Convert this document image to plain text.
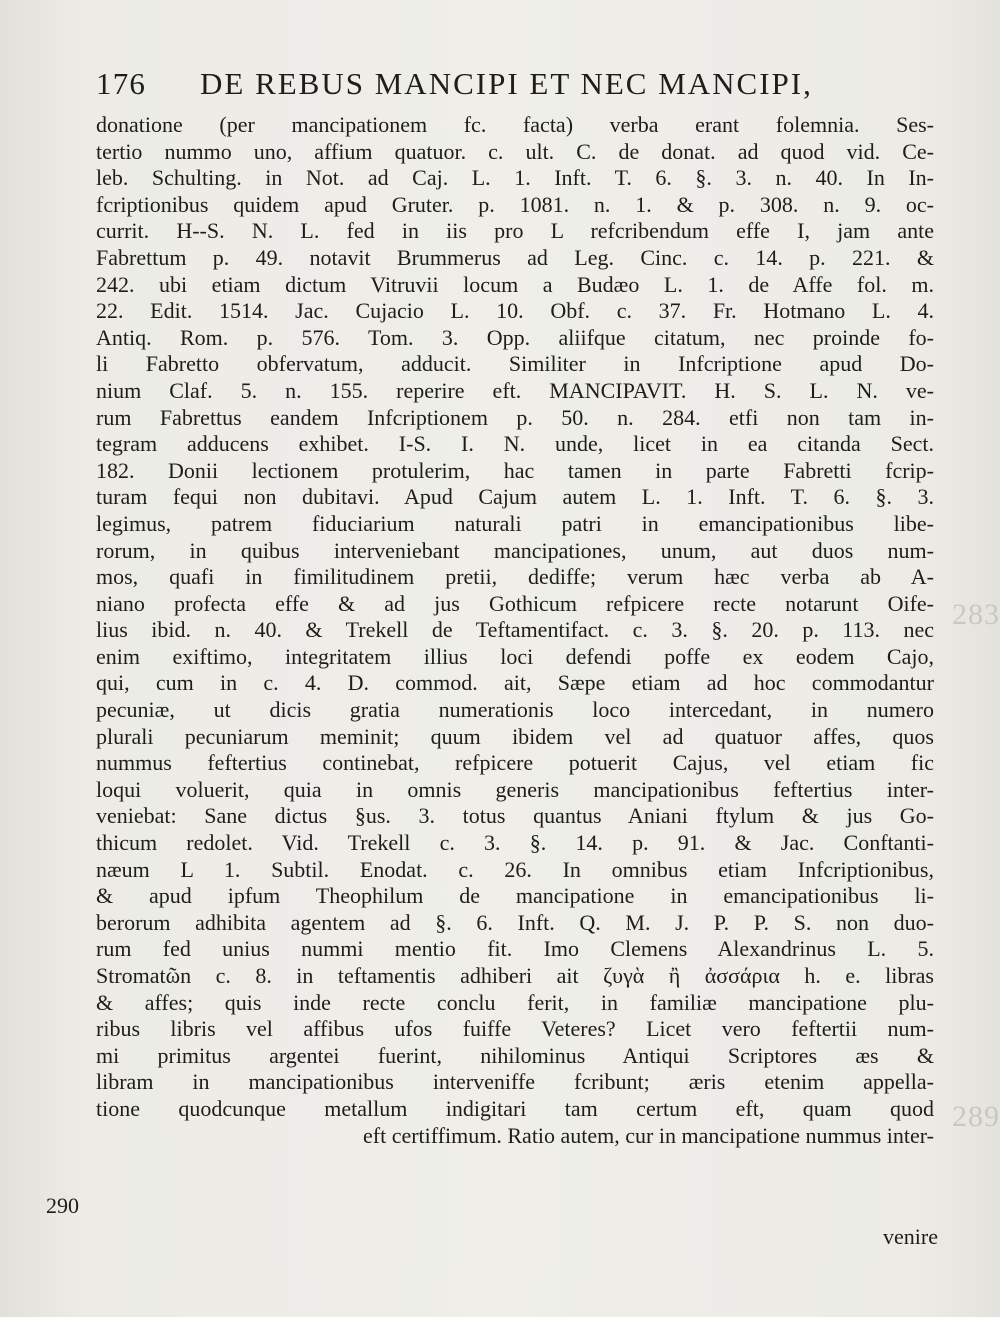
176 DE REBUS MANCIPI ET NEC MANCIPI,
donatione (per mancipationem fc. facta) verba erant folemnia. Ses-
tertio nummo uno, affium quatuor. c. ult. C. de donat. ad quod vid. Ce-
leb. Schulting. in Not. ad Caj. L. 1. Inft. T. 6. §. 3. n. 40. In In-
fcriptionibus quidem apud Gruter. p. 1081. n. 1. & p. 308. n. 9. oc-
currit. H--S. N. L. fed in iis pro L refcribendum effe I, jam ante
Fabrettum p. 49. notavit Brummerus ad Leg. Cinc. c. 14. p. 221. &
242. ubi etiam dictum Vitruvii locum a Budæo L. 1. de Affe fol. m.
22. Edit. 1514. Jac. Cujacio L. 10. Obf. c. 37. Fr. Hotmano L. 4.
Antiq. Rom. p. 576. Tom. 3. Opp. aliifque citatum, nec proinde fo-
li Fabretto obfervatum, adducit. Similiter in Infcriptione apud Do-
nium Claf. 5. n. 155. reperire eft. MANCIPAVIT. H. S. L. N. ve-
rum Fabrettus eandem Infcriptionem p. 50. n. 284. etfi non tam in-
tegram adducens exhibet. I-S. I. N. unde, licet in ea citanda Sect.
182. Donii lectionem protulerim, hac tamen in parte Fabretti fcrip-
turam fequi non dubitavi. Apud Cajum autem L. 1. Inft. T. 6. §. 3.
legimus, patrem fiduciarium naturali patri in emancipationibus libe-
rorum, in quibus interveniebant mancipationes, unum, aut duos num-
mos, quafi in fimilitudinem pretii, dediffe; verum hæc verba ab A-
niano profecta effe & ad jus Gothicum refpicere recte notarunt Oife-
lius ibid. n. 40. & Trekell de Teftamentifact. c. 3. §. 20. p. 113. nec
enim exiftimo, integritatem illius loci defendi poffe ex eodem Cajo,
qui, cum in c. 4. D. commod. ait, Sæpe etiam ad hoc commodantur
pecuniæ, ut dicis gratia numerationis loco intercedant, in numero
plurali pecuniarum meminit; quum ibidem vel ad quatuor affes, quos
nummus feftertius continebat, refpicere potuerit Cajus, vel etiam fic
loqui voluerit, quia in omnis generis mancipationibus feftertius inter-
veniebat: Sane dictus §us. 3. totus quantus Aniani ftylum & jus Go-
thicum redolet. Vid. Trekell c. 3. §. 14. p. 91. & Jac. Conftanti-
næum L 1. Subtil. Enodat. c. 26. In omnibus etiam Infcriptionibus,
& apud ipfum Theophilum de mancipatione in emancipationibus li-
berorum adhibita agentem ad §. 6. Inft. Q. M. J. P. P. S. non duo-
rum fed unius nummi mentio fit. Imo Clemens Alexandrinus L. 5.
Stromatῶn c. 8. in teftamentis adhiberi ait ζυγὰ ἢ ἀσσάρια h. e. libras
& affes; quis inde recte conclu ferit, in familiæ mancipatione plu-
ribus libris vel affibus ufos fuiffe Veteres? Licet vero feftertii num-
mi primitus argentei fuerint, nihilominus Antiqui Scriptores æs &
libram in mancipationibus interveniffe fcribunt; æris etenim appella-
tione quodcunque metallum indigitari tam certum eft, quam quod
eft certiffimum. Ratio autem, cur in mancipatione nummus inter-
290
venire
283
289
